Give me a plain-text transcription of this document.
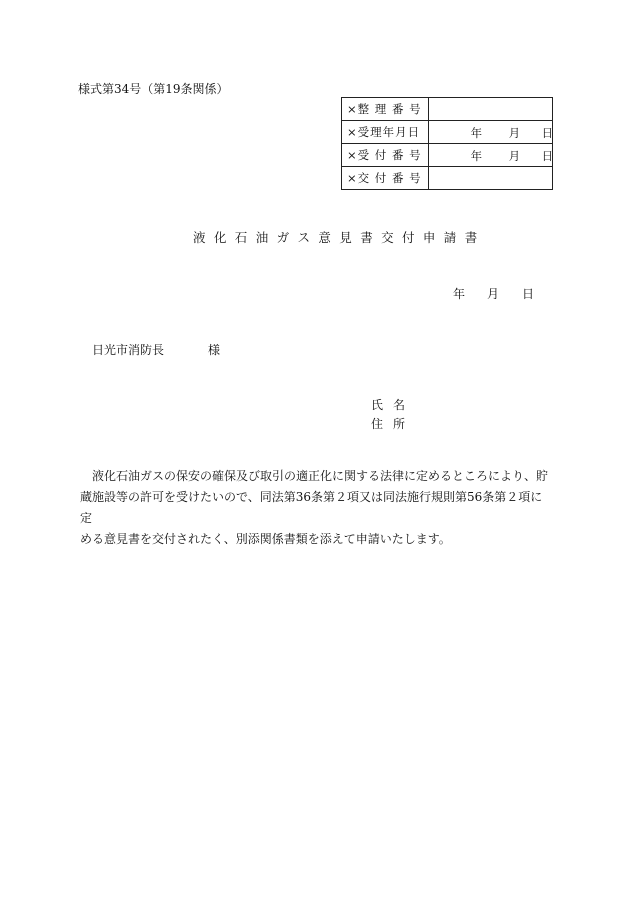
様式第34号（第19条関係）
×整 理 番 号	
×受理年月日	年 月 日

×受 付 番 号	年 月 日

×交 付 番 号	
液化石油ガス意見書交付申請書
年 月 日
日光市消防長	様
氏名
住所

　液化石油ガスの保安の確保及び取引の適正化に関する法律に定めるところにより、貯

蔵施設等の許可を受けたいので、同法第36条第２項又は同法施行規則第56条第２項に定

める意見書を交付されたく、別添関係書類を添えて申請いたします。
